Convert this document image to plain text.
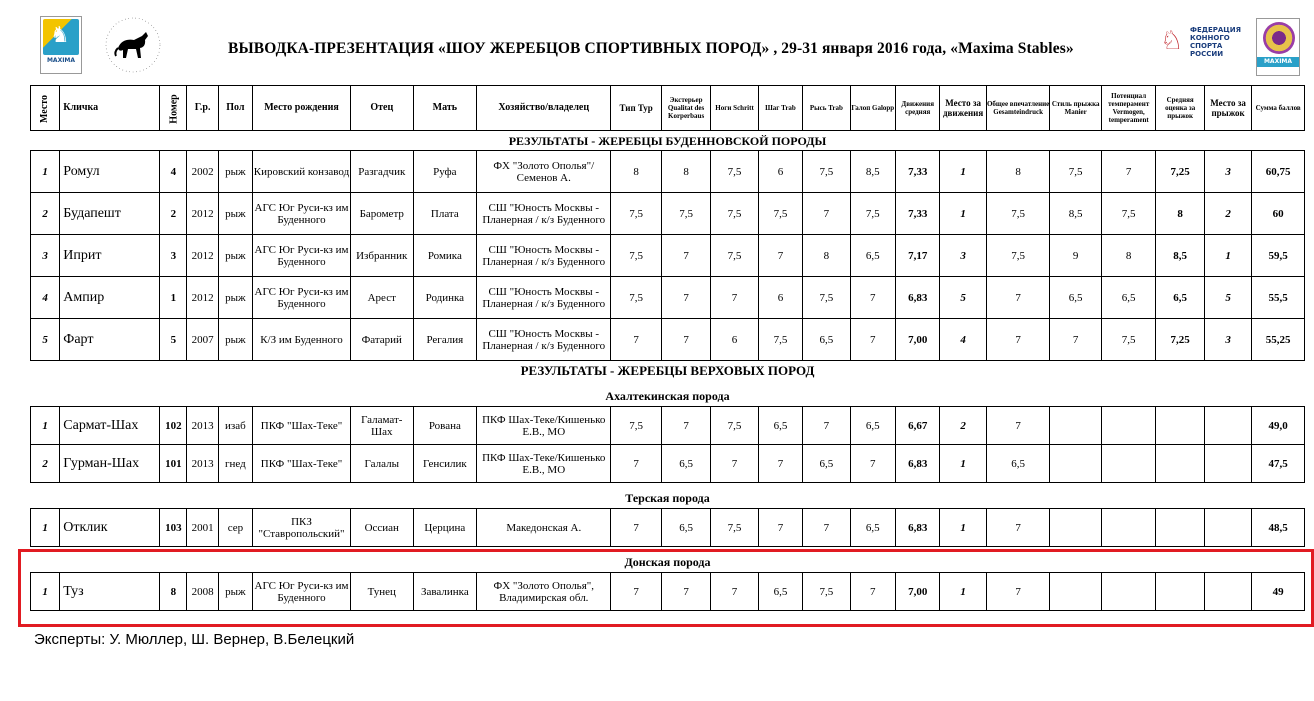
♞
MAXIMA
ВЫВОДКА-ПРЕЗЕНТАЦИЯ «ШОУ ЖЕРЕБЦОВ СПОРТИВНЫХ ПОРОД» , 29-31 января 2016 года, «Maxima Stables»	♘ ФЕДЕРАЦИЯ
КОННОГО СПОРТА
РОССИИ
MAXIMA
Место	Кличка	Номер	Г.р.	Пол	Место рождения	Отец	Мать	Хозяйство/владелец	Тип Typ	Экстерьер Qualitat des Korperbaus	Ноги Schritt	Шаг Trab	Рысь Trab	Галоп Galopp	Движения средняя	Место за движения	Общее впечатление Gesamteindruck	Стиль прыжка Manier	Потенциал темперамент Vermogen, temperament	Средняя оценка за прыжок	Место за прыжок	Сумма баллов
РЕЗУЛЬТАТЫ - ЖЕРЕБЦЫ БУДЕННОВСКОЙ ПОРОДЫ																						
1	Ромул	4	2002	рыж	Кировский конзавод	Разгадчик	Руфа	ФХ "Золото Ополья"/Семенов А.	8	8	7,5	6	7,5	8,5	7,33	1	8	7,5	7	7,25	3	60,75
2	Будапешт	2	2012	рыж	АГС Юг Руси-кз им Буденного	Барометр	Плата	СШ "Юность Москвы - Планерная / к/з Буденного	7,5	7,5	7,5	7,5	7	7,5	7,33	1	7,5	8,5	7,5	8	2	60
3	Иприт	3	2012	рыж	АГС Юг Руси-кз им Буденного	Избранник	Ромика	СШ "Юность Москвы - Планерная / к/з Буденного	7,5	7	7,5	7	8	6,5	7,17	3	7,5	9	8	8,5	1	59,5
4	Ампир	1	2012	рыж	АГС Юг Руси-кз им Буденного	Арест	Родинка	СШ "Юность Москвы - Планерная / к/з Буденного	7,5	7	7	6	7,5	7	6,83	5	7	6,5	6,5	6,5	5	55,5
5	Фарт	5	2007	рыж	К/З им Буденного	Фатарий	Регалия	СШ "Юность Москвы - Планерная / к/з Буденного	7	7	6	7,5	6,5	7	7,00	4	7	7	7,5	7,25	3	55,25
РЕЗУЛЬТАТЫ - ЖЕРЕБЦЫ ВЕРХОВЫХ ПОРОД																						

Ахалтекинская порода																						
1	Сармат-Шах	102	2013	изаб	ПКФ "Шах-Теке"	Галамат-Шах	Рована	ПКФ Шах-Теке/Кишенько Е.В., МО	7,5	7	7,5	6,5	7	6,5	6,67	2	7					49,0
2	Гурман-Шах	101	2013	гнед	ПКФ "Шах-Теке"	Галалы	Генсилик	ПКФ Шах-Теке/Кишенько Е.В., МО	7	6,5	7	7	6,5	7	6,83	1	6,5					47,5

Терская порода																						
1	Отклик	103	2001	сер	ПКЗ "Ставропольский"	Оссиан	Церцина	Македонская А.	7	6,5	7,5	7	7	6,5	6,83	1	7					48,5

Донская порода																						
1	Туз	8	2008	рыж	АГС Юг Руси-кз им Буденного	Тунец	Завалинка	ФХ "Золото Ополья", Владимирская обл.	7	7	7	6,5	7,5	7	7,00	1	7					49
Эксперты: У. Мюллер, Ш. Вернер, В.Белецкий
